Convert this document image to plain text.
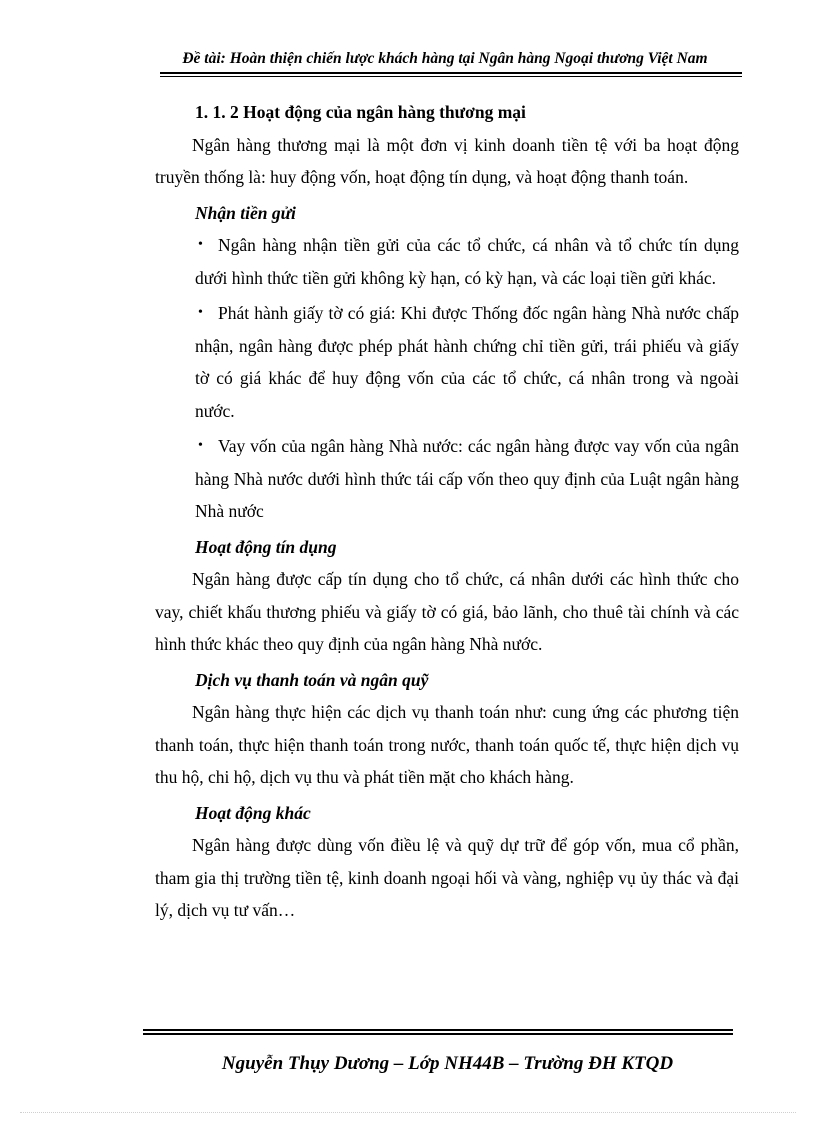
Đề tài: Hoàn thiện chiến lược khách hàng tại Ngân hàng Ngoại thương Việt Nam
1. 1. 2 Hoạt động của ngân hàng thương mại

Ngân hàng thương mại là một đơn vị kinh doanh tiền tệ với ba hoạt động truyền thống là: huy động vốn, hoạt động tín dụng, và hoạt động thanh toán.

Nhận tiền gửi
• Ngân hàng nhận tiền gửi của các tổ chức, cá nhân và tổ chức tín dụng dưới hình thức tiền gửi không kỳ hạn, có kỳ hạn, và các loại tiền gửi khác.
• Phát hành giấy tờ có giá: Khi được Thống đốc ngân hàng Nhà nước chấp nhận, ngân hàng được phép phát hành chứng chỉ tiền gửi, trái phiếu và giấy tờ có giá khác để huy động vốn của các tổ chức, cá nhân trong và ngoài nước.
• Vay vốn của ngân hàng Nhà nước: các ngân hàng được vay vốn của ngân hàng Nhà nước dưới hình thức tái cấp vốn theo quy định của Luật ngân hàng Nhà nước
Hoạt động tín dụng

Ngân hàng được cấp tín dụng cho tổ chức, cá nhân dưới các hình thức cho vay, chiết khấu thương phiếu và giấy tờ có giá, bảo lãnh, cho thuê tài chính và các hình thức khác theo quy định của ngân hàng Nhà nước.

Dịch vụ thanh toán và ngân quỹ

Ngân hàng thực hiện các dịch vụ thanh toán như: cung ứng các phương tiện thanh toán, thực hiện thanh toán trong nước, thanh toán quốc tế, thực hiện dịch vụ thu hộ, chi hộ, dịch vụ thu và phát tiền mặt cho khách hàng.

Hoạt động khác

Ngân hàng được dùng vốn điều lệ và quỹ dự trữ để góp vốn, mua cổ phần, tham gia thị trường tiền tệ, kinh doanh ngoại hối và vàng, nghiệp vụ ủy thác và đại lý, dịch vụ tư vấn…

Nguyễn Thụy Dương – Lớp NH44B – Trường ĐH KTQD
